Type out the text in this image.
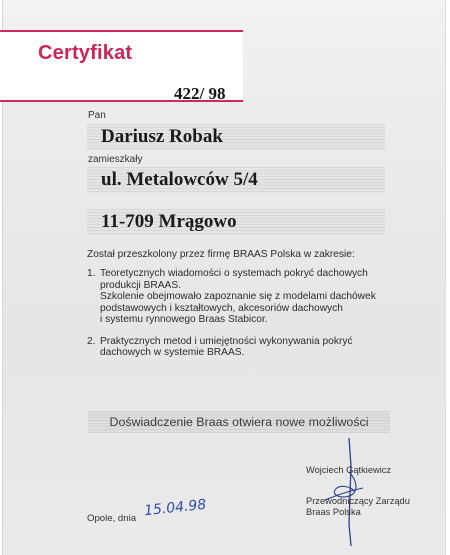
Certyfikat
422/ 98
Pan
Dariusz Robak
zamieszkały
ul. Metalowców 5/4
11-709 Mrągowo
Został przeszkolony przez firmę BRAAS Polska w zakresie:
1. Teoretycznych wiadomości o systemach pokryć dachowych
produkcji BRAAS.
Szkolenie obejmowało zapoznanie się z modelami dachówek
podstawowych i kształtowych, akcesoriów dachowych
i systemu rynnowego Braas Stabicor.
2. Praktycznych metod i umiejętności wykonywania pokryć
dachowych w systemie BRAAS.
Doświadczenie Braas otwiera nowe możliwości
Wojciech Gątkiewicz
Przewodniczący Zarządu
Braas Polska
Opole, dnia 15.04.98
